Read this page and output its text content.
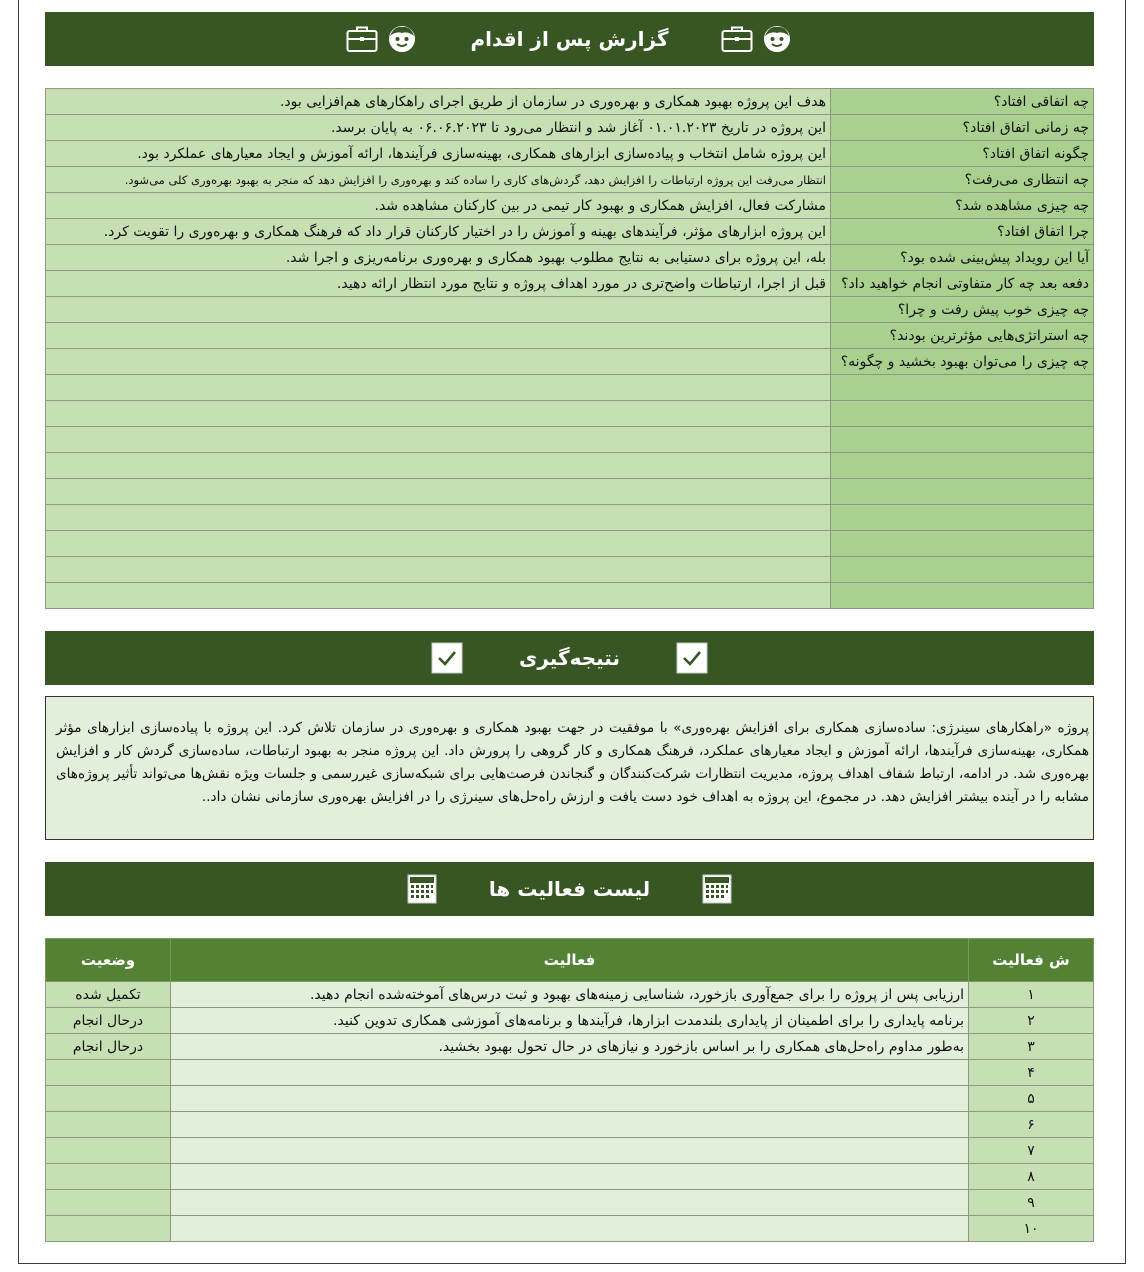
گزارش پس از اقدام
چه اتفاقی افتاد؟	هدف این پروژه بهبود همکاری و بهره‌وری در سازمان از طریق اجرای راهکارهای هم‌افزایی بود.
چه زمانی اتفاق افتاد؟	این پروژه در تاریخ ۰۱.۰۱.۲۰۲۳ آغاز شد و انتظار می‌رود تا ۰۶.۰۶.۲۰۲۳ به پایان برسد.
چگونه اتفاق افتاد؟	این پروژه شامل انتخاب و پیاده‌سازی ابزارهای همکاری، بهینه‌سازی فرآیندها، ارائه آموزش و ایجاد معیارهای عملکرد بود.
چه انتظاری می‌رفت؟	انتظار می‌رفت این پروژه ارتباطات را افزایش دهد، گردش‌های کاری را ساده کند و بهره‌وری را افزایش دهد که منجر به بهبود بهره‌وری کلی می‌شود.
چه چیزی مشاهده شد؟	مشارکت فعال، افزایش همکاری و بهبود کار تیمی در بین کارکنان مشاهده شد.
چرا اتفاق افتاد؟	این پروژه ابزارهای مؤثر، فرآیندهای بهینه و آموزش را در اختیار کارکنان قرار داد که فرهنگ همکاری و بهره‌وری را تقویت کرد.
آیا این رویداد پیش‌بینی شده بود؟	بله، این پروژه برای دستیابی به نتایج مطلوب بهبود همکاری و بهره‌وری برنامه‌ریزی و اجرا شد.
دفعه بعد چه کار متفاوتی انجام خواهید داد؟	قبل از اجرا، ارتباطات واضح‌تری در مورد اهداف پروژه و نتایج مورد انتظار ارائه دهید.
چه چیزی خوب پیش رفت و چرا؟	
چه استراتژی‌هایی مؤثرترین بودند؟	
چه چیزی را می‌توان بهبود بخشید و چگونه؟	

نتیجه‌گیری
پروژه «راهکارهای سینرژی: ساده‌سازی همکاری برای افزایش بهره‌وری» با موفقیت در جهت بهبود همکاری و بهره‌وری در سازمان تلاش کرد. این پروژه با پیاده‌سازی ابزارهای مؤثر همکاری، بهینه‌سازی فرآیندها، ارائه آموزش و ایجاد معیارهای عملکرد، فرهنگ همکاری و کار گروهی را پرورش داد. این پروژه منجر به بهبود ارتباطات، ساده‌سازی گردش کار و افزایش بهره‌وری شد. در ادامه، ارتباط شفاف اهداف پروژه، مدیریت انتظارات شرکت‌کنندگان و گنجاندن فرصت‌هایی برای شبکه‌سازی غیررسمی و جلسات ویژه نقش‌ها می‌تواند تأثیر پروژه‌های مشابه را در آینده بیشتر افزایش دهد. در مجموع، این پروژه به اهداف خود دست یافت و ارزش راه‌حل‌های سینرژی را در افزایش بهره‌وری سازمانی نشان داد..
لیست فعالیت ها
ش فعالیت	فعالیت	وضعیت
۱	ارزیابی پس از پروژه را برای جمع‌آوری بازخورد، شناسایی زمینه‌های بهبود و ثبت درس‌های آموخته‌شده انجام دهید.	تکمیل شده
۲	برنامه پایداری را برای اطمینان از پایداری بلندمدت ابزارها، فرآیندها و برنامه‌های آموزشی همکاری تدوین کنید.	درحال انجام
۳	به‌طور مداوم راه‌حل‌های همکاری را بر اساس بازخورد و نیازهای در حال تحول بهبود بخشید.	درحال انجام
۴		
۵		
۶		
۷		
۸		
۹		
۱۰		
